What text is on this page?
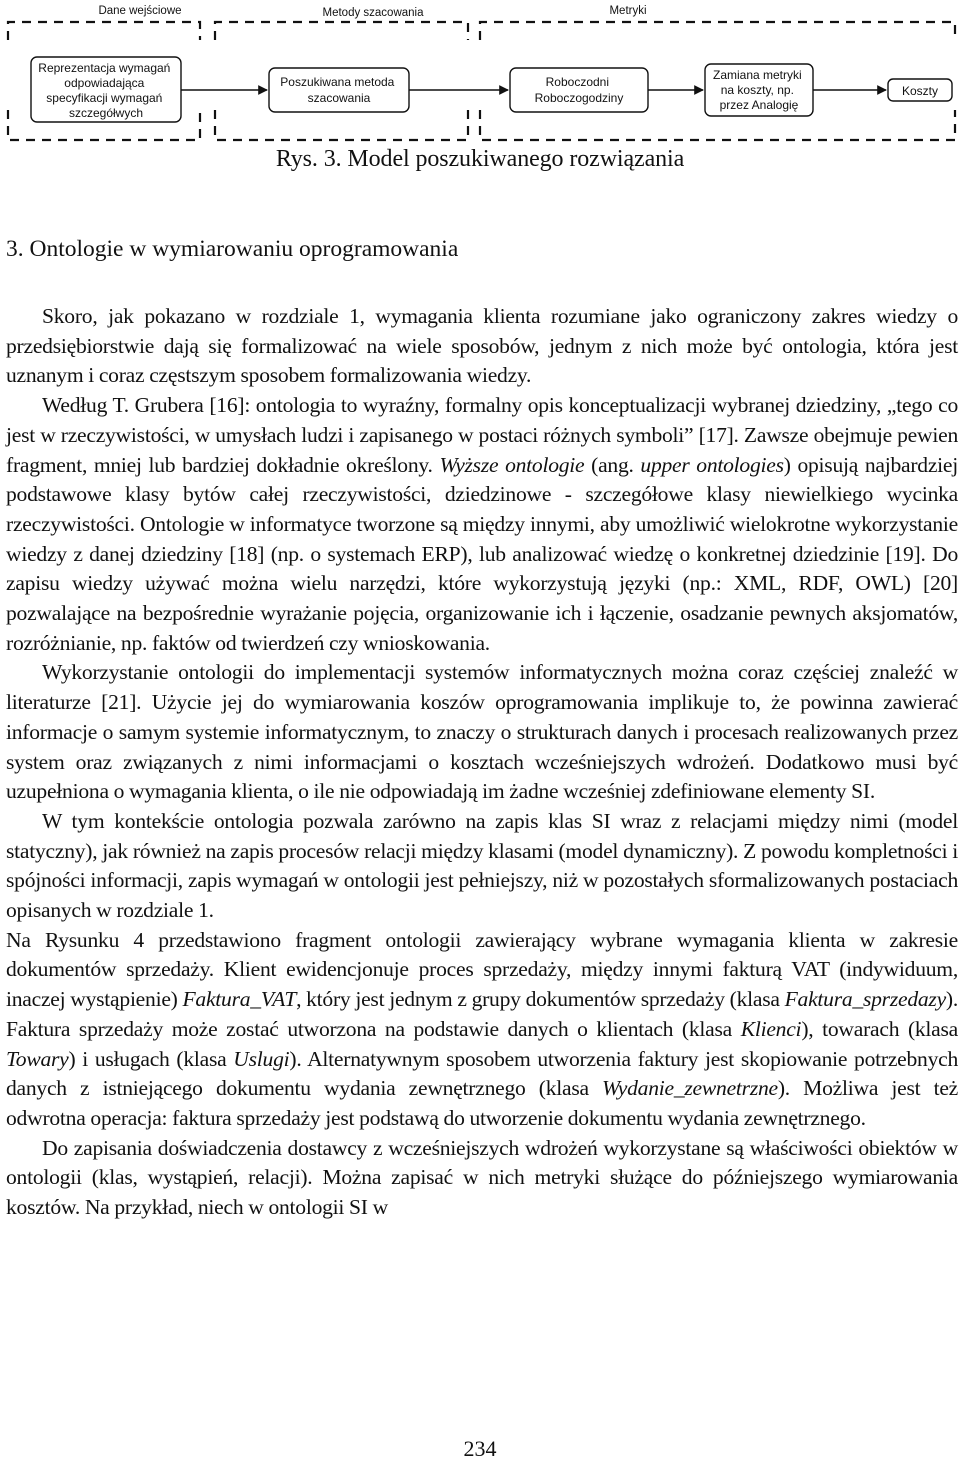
Dane wejściowe	Metody szacowania	Metryki
Reprezentacja wymagań odpowiadająca specyfikacji wymagań szczegółwych
Poszukiwana metoda szacowania
Roboczodni Roboczogodziny
Zamiana metryki na koszty, np. przez Analogię
Koszty
Rys. 3. Model poszukiwanego rozwiązania
3. Ontologie w wymiarowaniu oprogramowania

Skoro, jak pokazano w rozdziale 1, wymagania klienta rozumiane jako ograniczony zakres wiedzy o przedsiębiorstwie dają się formalizować na wiele sposobów, jednym z nich może być ontologia, która jest uznanym i coraz częstszym sposobem formalizowania wiedzy.

Według T. Grubera [16]: ontologia to wyraźny, formalny opis konceptualizacji wybranej dziedziny, „tego co jest w rzeczywistości, w umysłach ludzi i zapisanego w postaci różnych symboli” [17]. Zawsze obejmuje pewien fragment, mniej lub bardziej dokładnie określony. Wyższe ontologie (ang. upper ontologies) opisują najbardziej podstawowe klasy bytów całej rzeczywistości, dziedzinowe - szczegółowe klasy niewielkiego wycinka rzeczywistości. Ontologie w informatyce tworzone są między innymi, aby umożliwić wielokrotne wykorzystanie wiedzy z danej dziedziny [18] (np. o systemach ERP), lub analizować wiedzę o konkretnej dziedzinie [19]. Do zapisu wiedzy używać można wielu narzędzi, które wykorzystują języki (np.: XML, RDF, OWL) [20] pozwalające na bezpośrednie wyrażanie pojęcia, organizowanie ich i łączenie, osadzanie pewnych aksjomatów, rozróżnianie, np. faktów od twierdzeń czy wnioskowania.

Wykorzystanie ontologii do implementacji systemów informatycznych można coraz częściej znaleźć w literaturze [21]. Użycie jej do wymiarowania koszów oprogramowania implikuje to, że powinna zawierać informacje o samym systemie informatycznym, to znaczy o strukturach danych i procesach realizowanych przez system oraz związanych z nimi informacjami o kosztach wcześniejszych wdrożeń. Dodatkowo musi być uzupełniona o wymagania klienta, o ile nie odpowiadają im żadne wcześniej zdefiniowane elementy SI.

W tym kontekście ontologia pozwala zarówno na zapis klas SI wraz z relacjami między nimi (model statyczny), jak również na zapis procesów relacji między klasami (model dynamiczny). Z powodu kompletności i spójności informacji, zapis wymagań w ontologii jest pełniejszy, niż w pozostałych sformalizowanych postaciach opisanych w rozdziale 1.

Na Rysunku 4 przedstawiono fragment ontologii zawierający wybrane wymagania klienta w zakresie dokumentów sprzedaży. Klient ewidencjonuje proces sprzedaży, między innymi fakturą VAT (indywiduum, inaczej wystąpienie) Faktura_VAT, który jest jednym z grupy dokumentów sprzedaży (klasa Faktura_sprzedazy). Faktura sprzedaży może zostać utworzona na podstawie danych o klientach (klasa Klienci), towarach (klasa Towary) i usługach (klasa Uslugi). Alternatywnym sposobem utworzenia faktury jest skopiowanie potrzebnych danych z istniejącego dokumentu wydania zewnętrznego (klasa Wydanie_zewnetrzne). Możliwa jest też odwrotna operacja: faktura sprzedaży jest podstawą do utworzenie dokumentu wydania zewnętrznego.

Do zapisania doświadczenia dostawcy z wcześniejszych wdrożeń wykorzystane są właściwości obiektów w ontologii (klas, wystąpień, relacji). Można zapisać w nich metryki służące do późniejszego wymiarowania kosztów. Na przykład, niech w ontologii SI w

234
